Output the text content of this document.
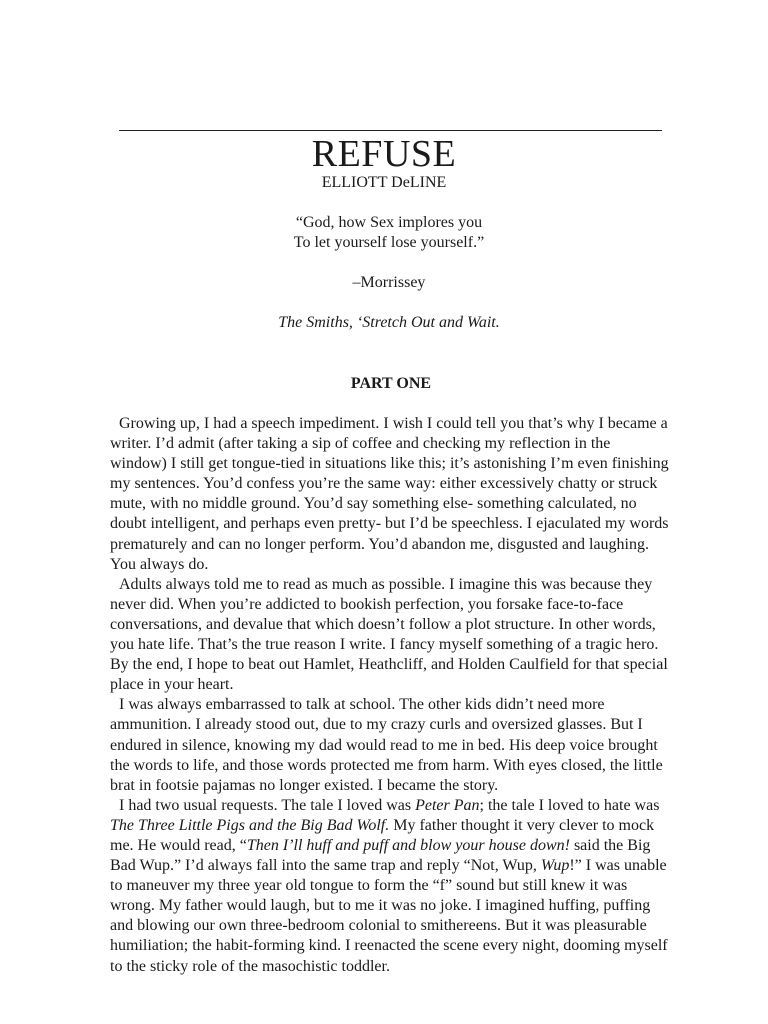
REFUSE
ELLIOTT DeLINE
“God, how Sex implores you
To let yourself lose yourself.”
–Morrissey
The Smiths, ‘Stretch Out and Wait.
PART ONE

Growing up, I had a speech impediment. I wish I could tell you that’s why I became a writer. I’d admit (after taking a sip of coffee and checking my reflection in the window) I still get tongue-tied in situations like this; it’s astonishing I’m even finishing my sentences. You’d confess you’re the same way: either excessively chatty or struck mute, with no middle ground. You’d say something else- something calculated, no doubt intelligent, and perhaps even pretty- but I’d be speechless. I ejaculated my words prematurely and can no longer perform. You’d abandon me, disgusted and laughing. You always do.

Adults always told me to read as much as possible. I imagine this was because they never did. When you’re addicted to bookish perfection, you forsake face-to-face conversations, and devalue that which doesn’t follow a plot structure. In other words, you hate life. That’s the true reason I write. I fancy myself something of a tragic hero. By the end, I hope to beat out Hamlet, Heathcliff, and Holden Caulfield for that special place in your heart.

I was always embarrassed to talk at school. The other kids didn’t need more ammunition. I already stood out, due to my crazy curls and oversized glasses. But I endured in silence, knowing my dad would read to me in bed. His deep voice brought the words to life, and those words protected me from harm. With eyes closed, the little brat in footsie pajamas no longer existed. I became the story.

I had two usual requests. The tale I loved was Peter Pan; the tale I loved to hate was The Three Little Pigs and the Big Bad Wolf. My father thought it very clever to mock me. He would read, “Then I’ll huff and puff and blow your house down! said the Big Bad Wup.” I’d always fall into the same trap and reply “Not, Wup, Wup!” I was unable to maneuver my three year old tongue to form the “f” sound but still knew it was wrong. My father would laugh, but to me it was no joke. I imagined huffing, puffing and blowing our own three-bedroom colonial to smithereens. But it was pleasurable humiliation; the habit-forming kind. I reenacted the scene every night, dooming myself to the sticky role of the masochistic toddler.
